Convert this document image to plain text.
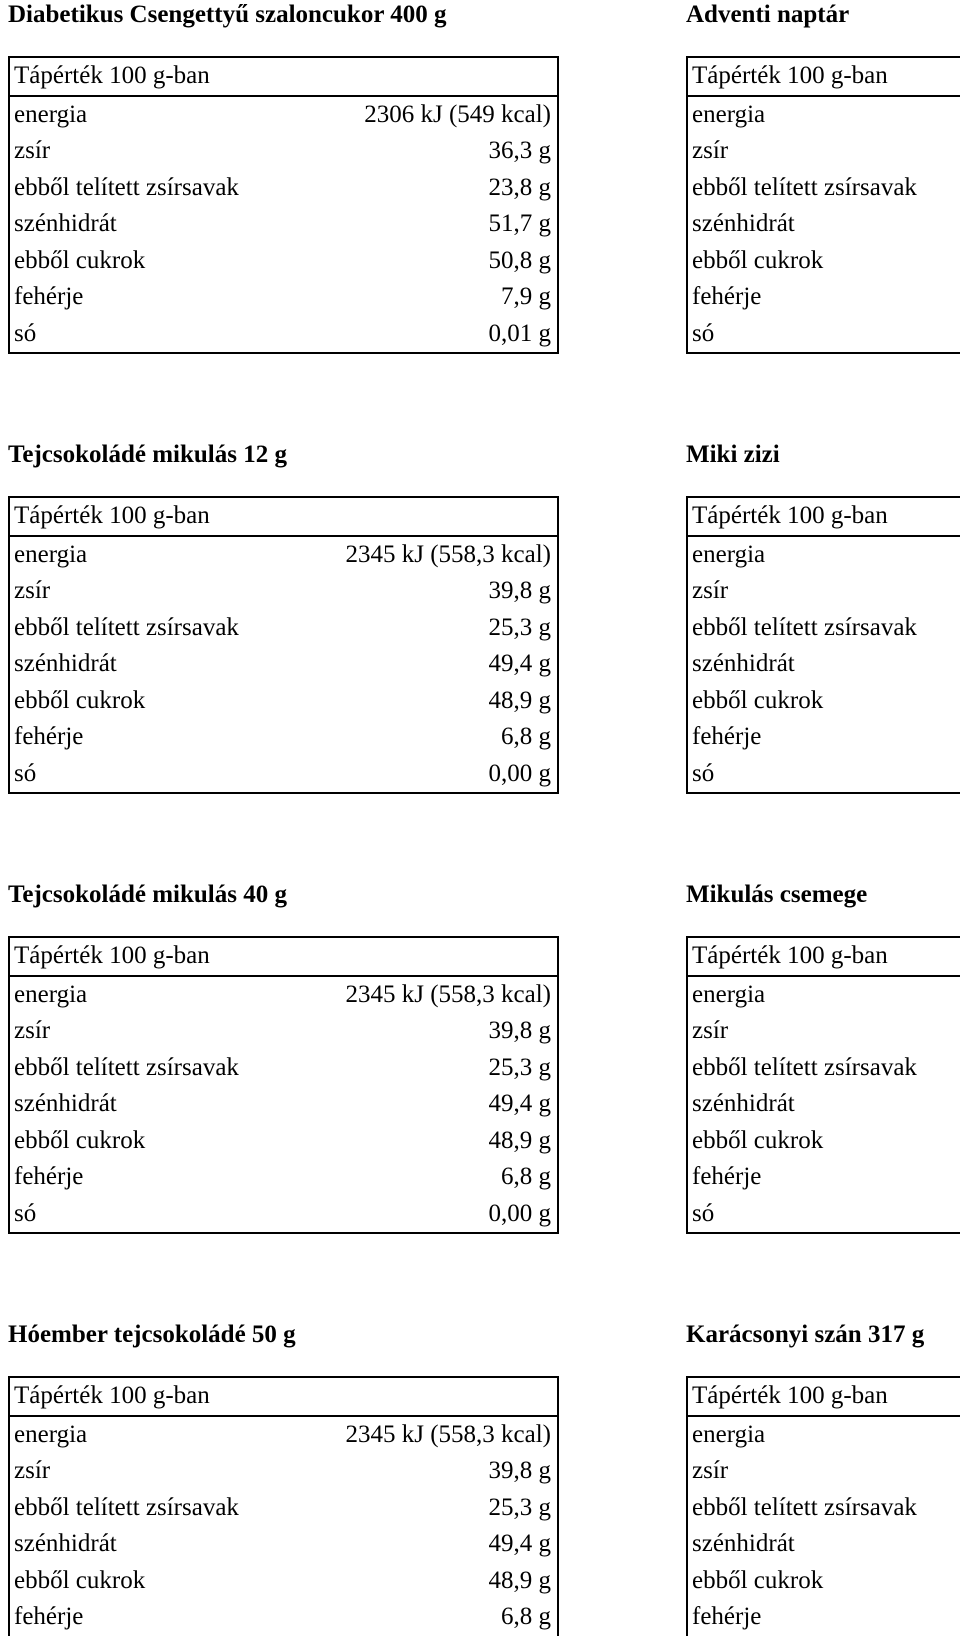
Diabetikus Csengettyű szaloncukor 400 g
Tápérték 100 g-ban
energia	2306 kJ (549 kcal)
zsír	36,3 g
ebből telített zsírsavak	23,8 g
szénhidrát	51,7 g
ebből cukrok	50,8 g
fehérje	7,9 g
só	0,01 g
Adventi naptár
Tápérték 100 g-ban
energia
zsír
ebből telített zsírsavak
szénhidrát
ebből cukrok
fehérje
só
Tejcsokoládé mikulás 12 g
Tápérték 100 g-ban
energia	2345 kJ (558,3 kcal)
zsír	39,8 g
ebből telített zsírsavak	25,3 g
szénhidrát	49,4 g
ebből cukrok	48,9 g
fehérje	6,8 g
só	0,00 g
Miki zizi
Tápérték 100 g-ban
energia
zsír
ebből telített zsírsavak
szénhidrát
ebből cukrok
fehérje
só
Tejcsokoládé mikulás 40 g
Tápérték 100 g-ban
energia	2345 kJ (558,3 kcal)
zsír	39,8 g
ebből telített zsírsavak	25,3 g
szénhidrát	49,4 g
ebből cukrok	48,9 g
fehérje	6,8 g
só	0,00 g
Mikulás csemege
Tápérték 100 g-ban
energia
zsír
ebből telített zsírsavak
szénhidrát
ebből cukrok
fehérje
só
Hóember tejcsokoládé 50 g
Tápérték 100 g-ban
energia	2345 kJ (558,3 kcal)
zsír	39,8 g
ebből telített zsírsavak	25,3 g
szénhidrát	49,4 g
ebből cukrok	48,9 g
fehérje	6,8 g
Karácsonyi szán 317 g
Tápérték 100 g-ban
energia
zsír
ebből telített zsírsavak
szénhidrát
ebből cukrok
fehérje
